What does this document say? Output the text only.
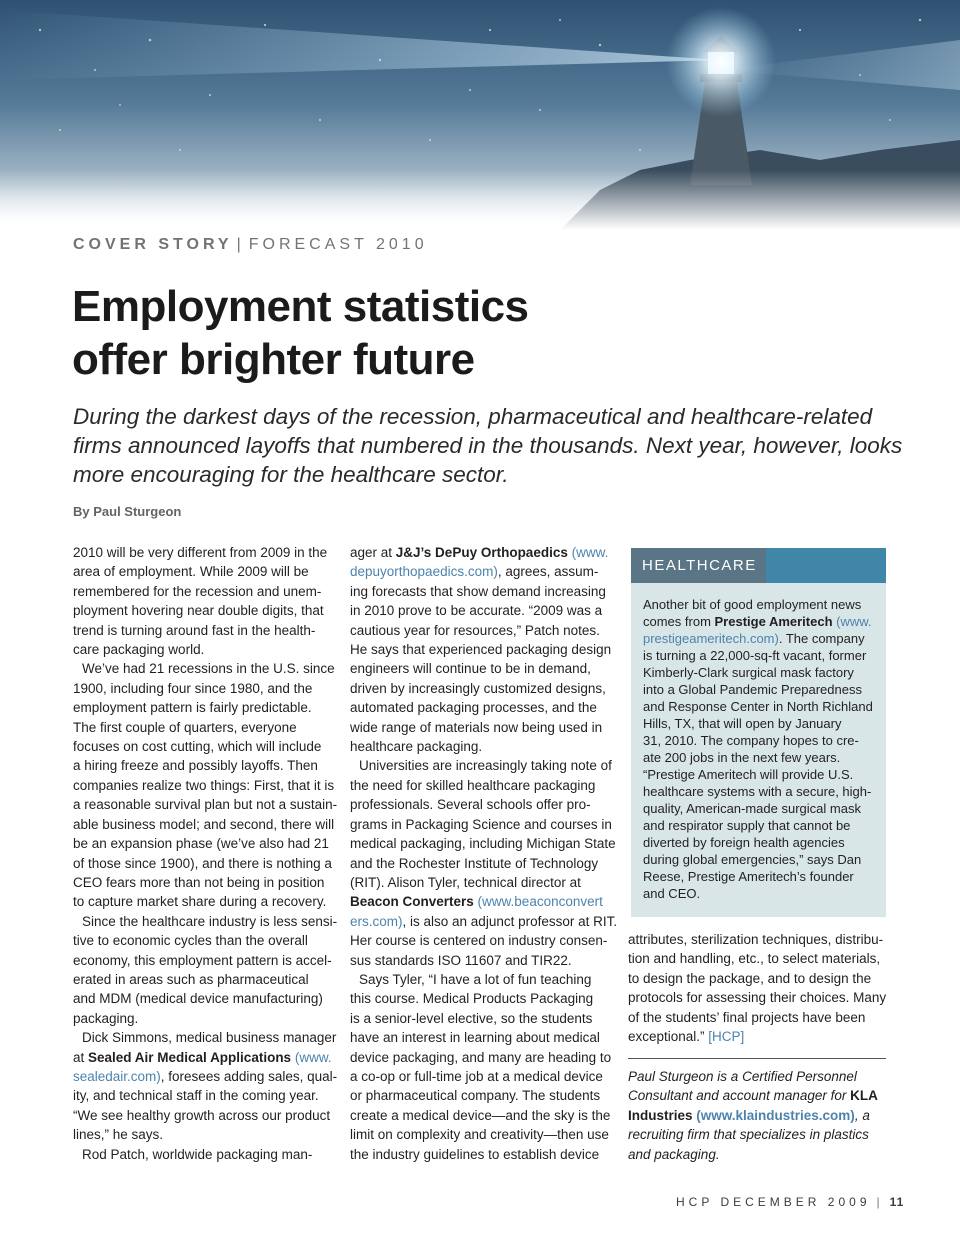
COVER STORY | FORECAST 2010
Employment statistics
offer brighter future
During the darkest days of the recession, pharmaceutical and healthcare-related
firms announced layoffs that numbered in the thousands. Next year, however, looks
more encouraging for the healthcare sector.
By Paul Sturgeon
2010 will be very different from 2009 in the
area of employment. While 2009 will be
remembered for the recession and unem-
ployment hovering near double digits, that
trend is turning around fast in the health-
care packaging world.
We’ve had 21 recessions in the U.S. since
1900, including four since 1980, and the
employment pattern is fairly predictable.
The first couple of quarters, everyone
focuses on cost cutting, which will include
a hiring freeze and possibly layoffs. Then
companies realize two things: First, that it is
a reasonable survival plan but not a sustain-
able business model; and second, there will
be an expansion phase (we’ve also had 21
of those since 1900), and there is nothing a
CEO fears more than not being in position
to capture market share during a recovery.
Since the healthcare industry is less sensi-
tive to economic cycles than the overall
economy, this employment pattern is accel-
erated in areas such as pharmaceutical
and MDM (medical device manufacturing)
packaging.
Dick Simmons, medical business manager
at Sealed Air Medical Applications (www.
sealedair.com), foresees adding sales, qual-
ity, and technical staff in the coming year.
“We see healthy growth across our product
lines,” he says.
Rod Patch, worldwide packaging man-
ager at J&J’s DePuy Orthopaedics (www.
depuyorthopaedics.com), agrees, assum-
ing forecasts that show demand increasing
in 2010 prove to be accurate. “2009 was a
cautious year for resources,” Patch notes.
He says that experienced packaging design
engineers will continue to be in demand,
driven by increasingly customized designs,
automated packaging processes, and the
wide range of materials now being used in
healthcare packaging.
Universities are increasingly taking note of
the need for skilled healthcare packaging
professionals. Several schools offer pro-
grams in Packaging Science and courses in
medical packaging, including Michigan State
and the Rochester Institute of Technology
(RIT). Alison Tyler, technical director at
Beacon Converters (www.beaconconvert
ers.com), is also an adjunct professor at RIT.
Her course is centered on industry consen-
sus standards ISO 11607 and TIR22.
Says Tyler, “I have a lot of fun teaching
this course. Medical Products Packaging
is a senior-level elective, so the students
have an interest in learning about medical
device packaging, and many are heading to
a co-op or full-time job at a medical device
or pharmaceutical company. The students
create a medical device—and the sky is the
limit on complexity and creativity—then use
the industry guidelines to establish device
HEALTHCARE
Another bit of good employment news
comes from Prestige Ameritech (www.
prestigeameritech.com). The company
is turning a 22,000-sq-ft vacant, former
Kimberly-Clark surgical mask factory
into a Global Pandemic Preparedness
and Response Center in North Richland
Hills, TX, that will open by January
31, 2010. The company hopes to cre-
ate 200 jobs in the next few years.
“Prestige Ameritech will provide U.S.
healthcare systems with a secure, high-
quality, American-made surgical mask
and respirator supply that cannot be
diverted by foreign health agencies
during global emergencies,” says Dan
Reese, Prestige Ameritech’s founder
and CEO.
attributes, sterilization techniques, distribu-
tion and handling, etc., to select materials,
to design the package, and to design the
protocols for assessing their choices. Many
of the students’ final projects have been
exceptional.” [HCP]
Paul Sturgeon is a Certified Personnel
Consultant and account manager for KLA
Industries (www.klaindustries.com), a
recruiting firm that specializes in plastics
and packaging.
HCP DECEMBER 2009 | 11
